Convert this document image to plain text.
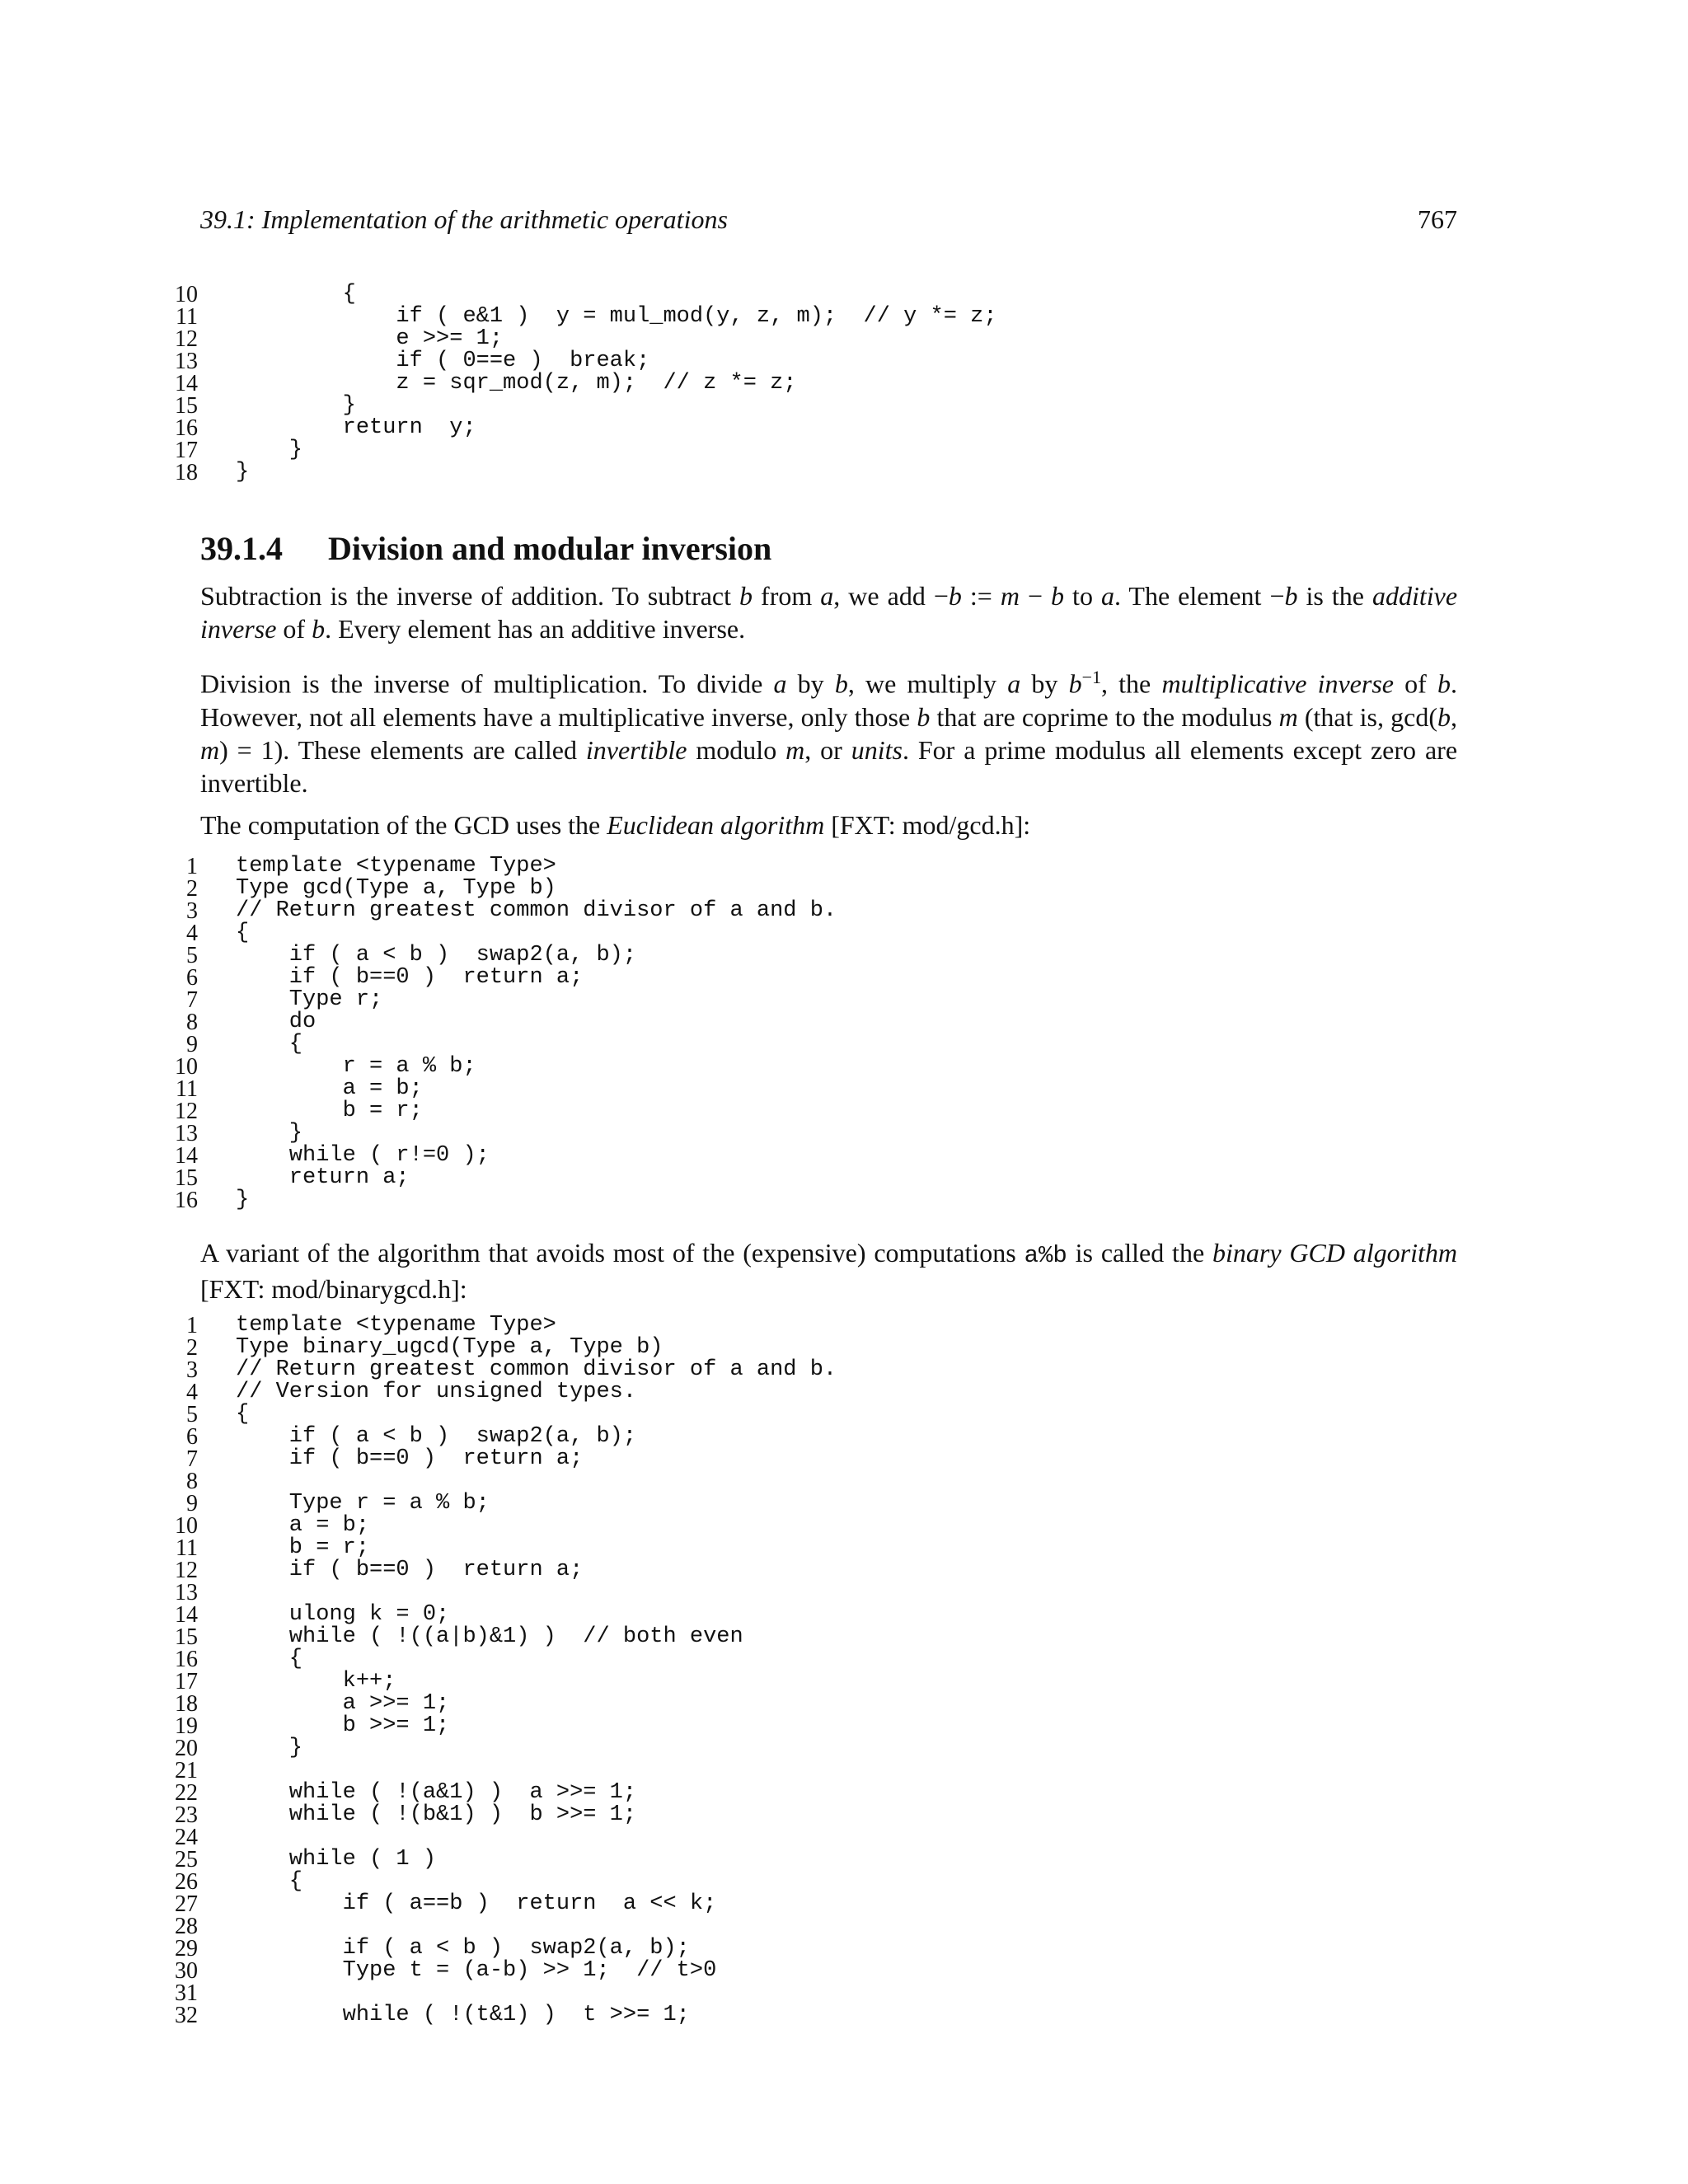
39.1: Implementation of the arithmetic operations	767
10 {
11 if ( e&1 )  y = mul_mod(y, z, m);  // y *= z;
12 e >>= 1;
13 if ( 0==e )  break;
14 z = sqr_mod(z, m);  // z *= z;
15 }
16 return  y;
17 }
18 }
39.1.4 Division and modular inversion
Subtraction is the inverse of addition. To subtract b from a, we add −b := m − b to a. The element −b is the additive inverse of b. Every element has an additive inverse.
Division is the inverse of multiplication. To divide a by b, we multiply a by $b^{-1}$, the multiplicative inverse of b. However, not all elements have a multiplicative inverse, only those b that are coprime to the modulus m (that is, gcd(b, m) = 1). These elements are called invertible modulo m, or units. For a prime modulus all elements except zero are invertible.
The computation of the GCD uses the Euclidean algorithm [FXT: mod/gcd.h]:
1 template <typename Type>
2 Type gcd(Type a, Type b)
3 // Return greatest common divisor of a and b.
4 {
5 if ( a < b )  swap2(a, b);
6 if ( b==0 )  return a;
7 Type r;
8 do
9 {
10 r = a % b;
11 a = b;
12 b = r;
13 }
14 while ( r!=0 );
15 return a;
16 }
A variant of the algorithm that avoids most of the (expensive) computations a%b is called the binary GCD algorithm [FXT: mod/binarygcd.h]:
1 template <typename Type>
2 Type binary_ugcd(Type a, Type b)
3 // Return greatest common divisor of a and b.
4 // Version for unsigned types.
5 {
6 if ( a < b )  swap2(a, b);
7 if ( b==0 )  return a;
8
9 Type r = a % b;
10 a = b;
11 b = r;
12 if ( b==0 )  return a;
13
14 ulong k = 0;
15 while ( !((a|b)&1) )  // both even
16 {
17 k++;
18 a >>= 1;
19 b >>= 1;
20 }
21
22 while ( !(a&1) )  a >>= 1;
23 while ( !(b&1) )  b >>= 1;
24
25 while ( 1 )
26 {
27 if ( a==b )  return  a << k;
28
29 if ( a < b )  swap2(a, b);
30 Type t = (a-b) >> 1;  // t>0
31
32 while ( !(t&1) )  t >>= 1;
